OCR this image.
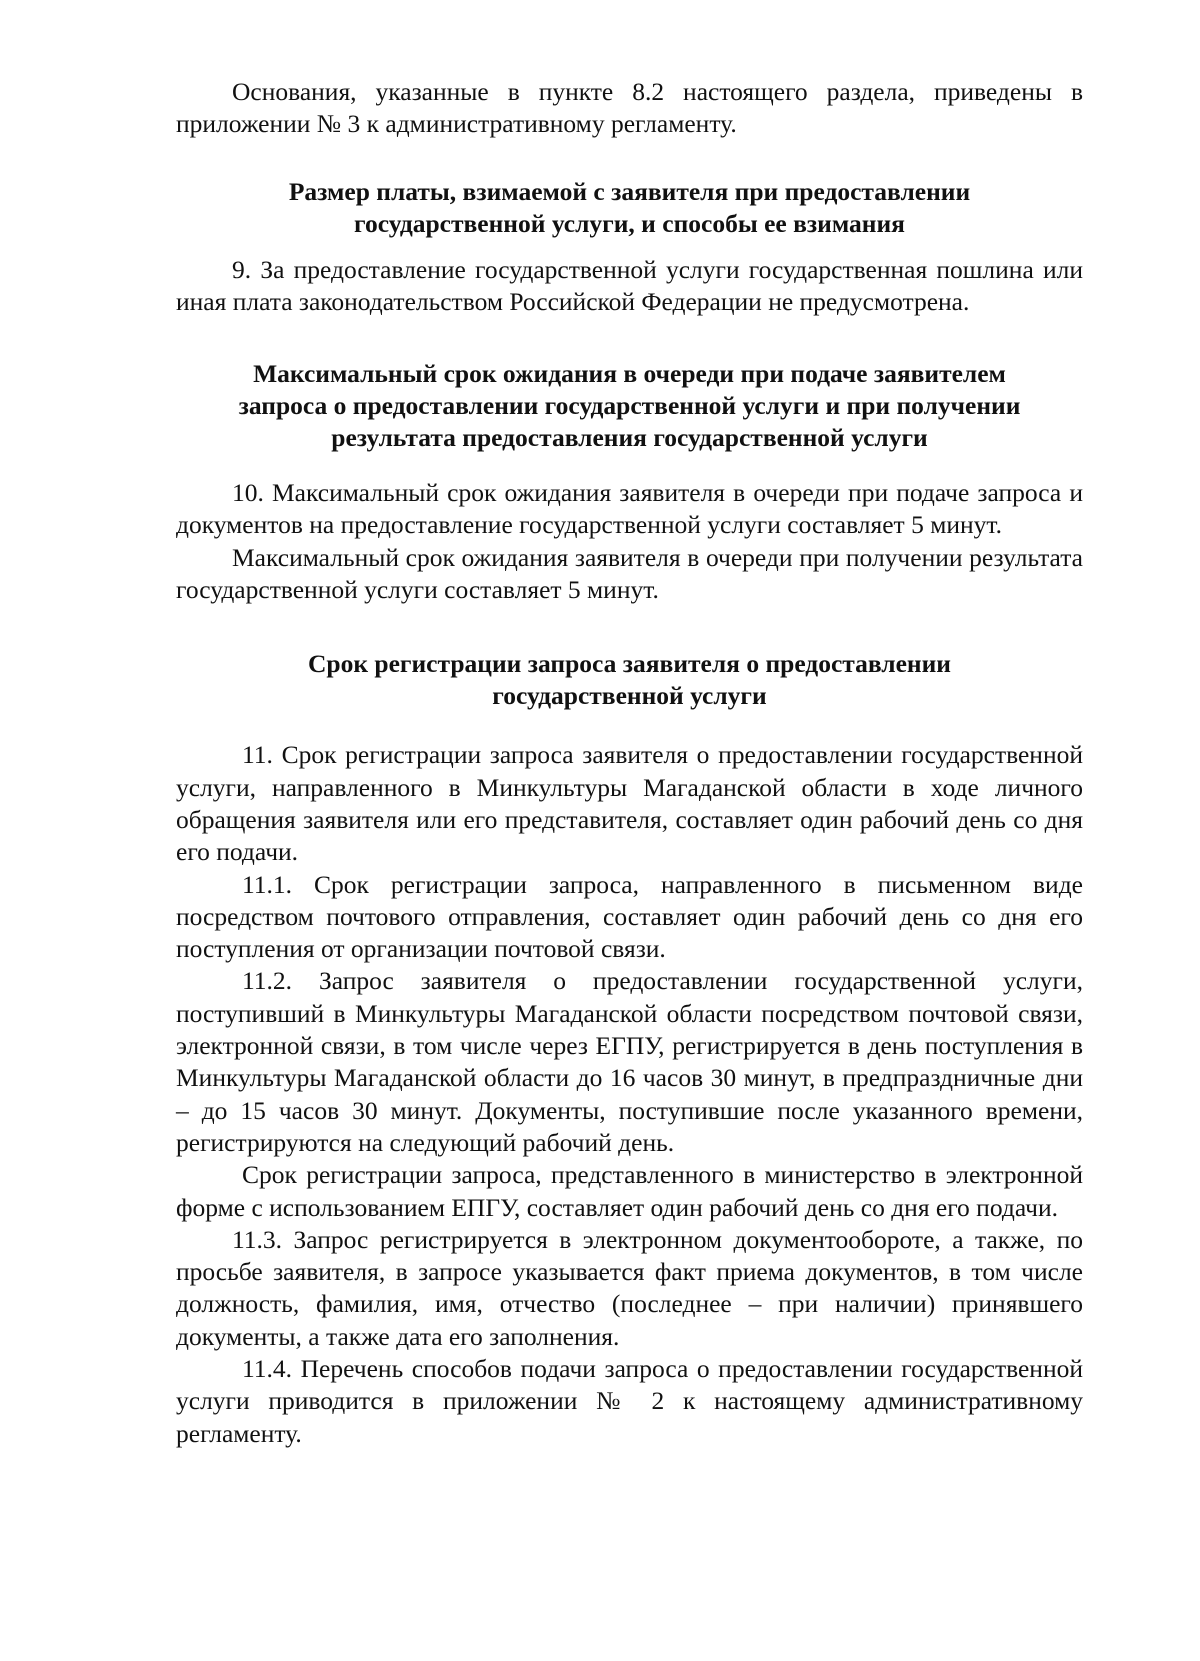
Основания, указанные в пункте 8.2 настоящего раздела, приведены в приложении № 3 к административному регламенту.

Размер платы, взимаемой с заявителя при предоставлении
государственной услуги, и способы ее взимания

9. За предоставление государственной услуги государственная пошлина или иная плата законодательством Российской Федерации не предусмотрена.

Максимальный срок ожидания в очереди при подаче заявителем
запроса о предоставлении государственной услуги и при получении
результата предоставления государственной услуги

10. Максимальный срок ожидания заявителя в очереди при подаче запроса и документов на предоставление государственной услуги составляет 5 минут.

Максимальный срок ожидания заявителя в очереди при получении результата государственной услуги составляет 5 минут.

Срок регистрации запроса заявителя о предоставлении
государственной услуги

11. Срок регистрации запроса заявителя о предоставлении государственной услуги, направленного в Минкультуры Магаданской области в ходе личного обращения заявителя или его представителя, составляет один рабочий день со дня его подачи.

11.1. Срок регистрации запроса, направленного в письменном виде посредством почтового отправления, составляет один рабочий день со дня его поступления от организации почтовой связи.

11.2. Запрос заявителя о предоставлении государственной услуги, поступивший в Минкультуры Магаданской области посредством почтовой связи, электронной связи, в том числе через ЕГПУ, регистрируется в день поступления в Минкультуры Магаданской области до 16 часов 30 минут, в предпраздничные дни – до 15 часов 30 минут. Документы, поступившие после указанного времени, регистрируются на следующий рабочий день.

Срок регистрации запроса, представленного в министерство в электронной форме с использованием ЕПГУ, составляет один рабочий день со дня его подачи.

11.3. Запрос регистрируется в электронном документообороте, а также, по просьбе заявителя, в запросе указывается факт приема документов, в том числе должность, фамилия, имя, отчество (последнее – при наличии) принявшего документы, а также дата его заполнения.

11.4. Перечень способов подачи запроса о предоставлении государственной услуги приводится в приложении № 2 к настоящему административному регламенту.
